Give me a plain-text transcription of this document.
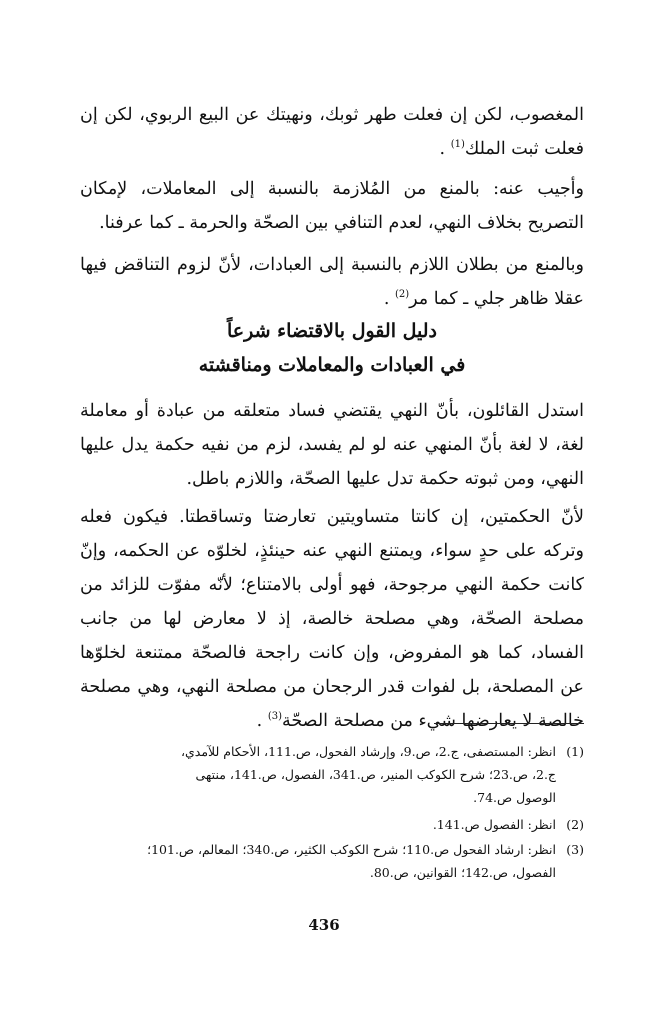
المغصوب، لكن إن فعلت طهر ثوبك، ونهيتك عن البيع الربوي، لكن إن فعلت ثبت الملك$^{(1)}$ .

وأجيب عنه: بالمنع من المُلازمة بالنسبة إلى المعاملات، لإمكان التصريح بخلاف النهي، لعدم التنافي بين الصحّة والحرمة ـ كما عرفنا.

وبالمنع من بطلان اللازم بالنسبة إلى العبادات، لأنّ لزوم التناقض فيها عقلا ظاهر جلي ـ كما مر$^{(2)}$ .

دليل القول بالاقتضاء شرعاً

في العبادات والمعاملات ومناقشته

استدل القائلون، بأنّ النهي يقتضي فساد متعلقه من عبادة أو معاملة لغة، لا لغة بأنّ المنهي عنه لو لم يفسد، لزم من نفيه حكمة يدل عليها النهي، ومن ثبوته حكمة تدل عليها الصحّة، واللازم باطل.

لأنّ الحكمتين، إن كانتا متساويتين تعارضتا وتساقطتا. فيكون فعله وتركه على حدٍ سواء، ويمتنع النهي عنه حينئذٍ، لخلوّه عن الحكمه، وإنّ كانت حكمة النهي مرجوحة، فهو أولى بالامتناع؛ لأنّه مفوّت للزائد من مصلحة الصحّة، وهي مصلحة خالصة، إذ لا معارض لها من جانب الفساد، كما هو المفروض، وإن كانت راجحة فالصحّة ممتنعة لخلوّها عن المصلحة، بل لفوات قدر الرجحان من مصلحة النهي، وهي مصلحة خالصة لا يعارضها شيء من مصلحة الصحّة$^{(3)}$ .

(1)انظر: المستصفى، ج.2، ص.9، وإرشاد الفحول، ص.111، الأحكام للآمدي،
ج.2، ص.23؛ شرح الكوكب المنير، ص.341، الفصول، ص.141، منتهى
الوصول ص.74.
(2)انظر: الفصول ص.141.
(3)انظر: ارشاد الفحول ص.110؛ شرح الكوكب الكثير، ص.340؛ المعالم، ص.101؛
الفصول، ص.142؛ القوانين، ص.80.
436
